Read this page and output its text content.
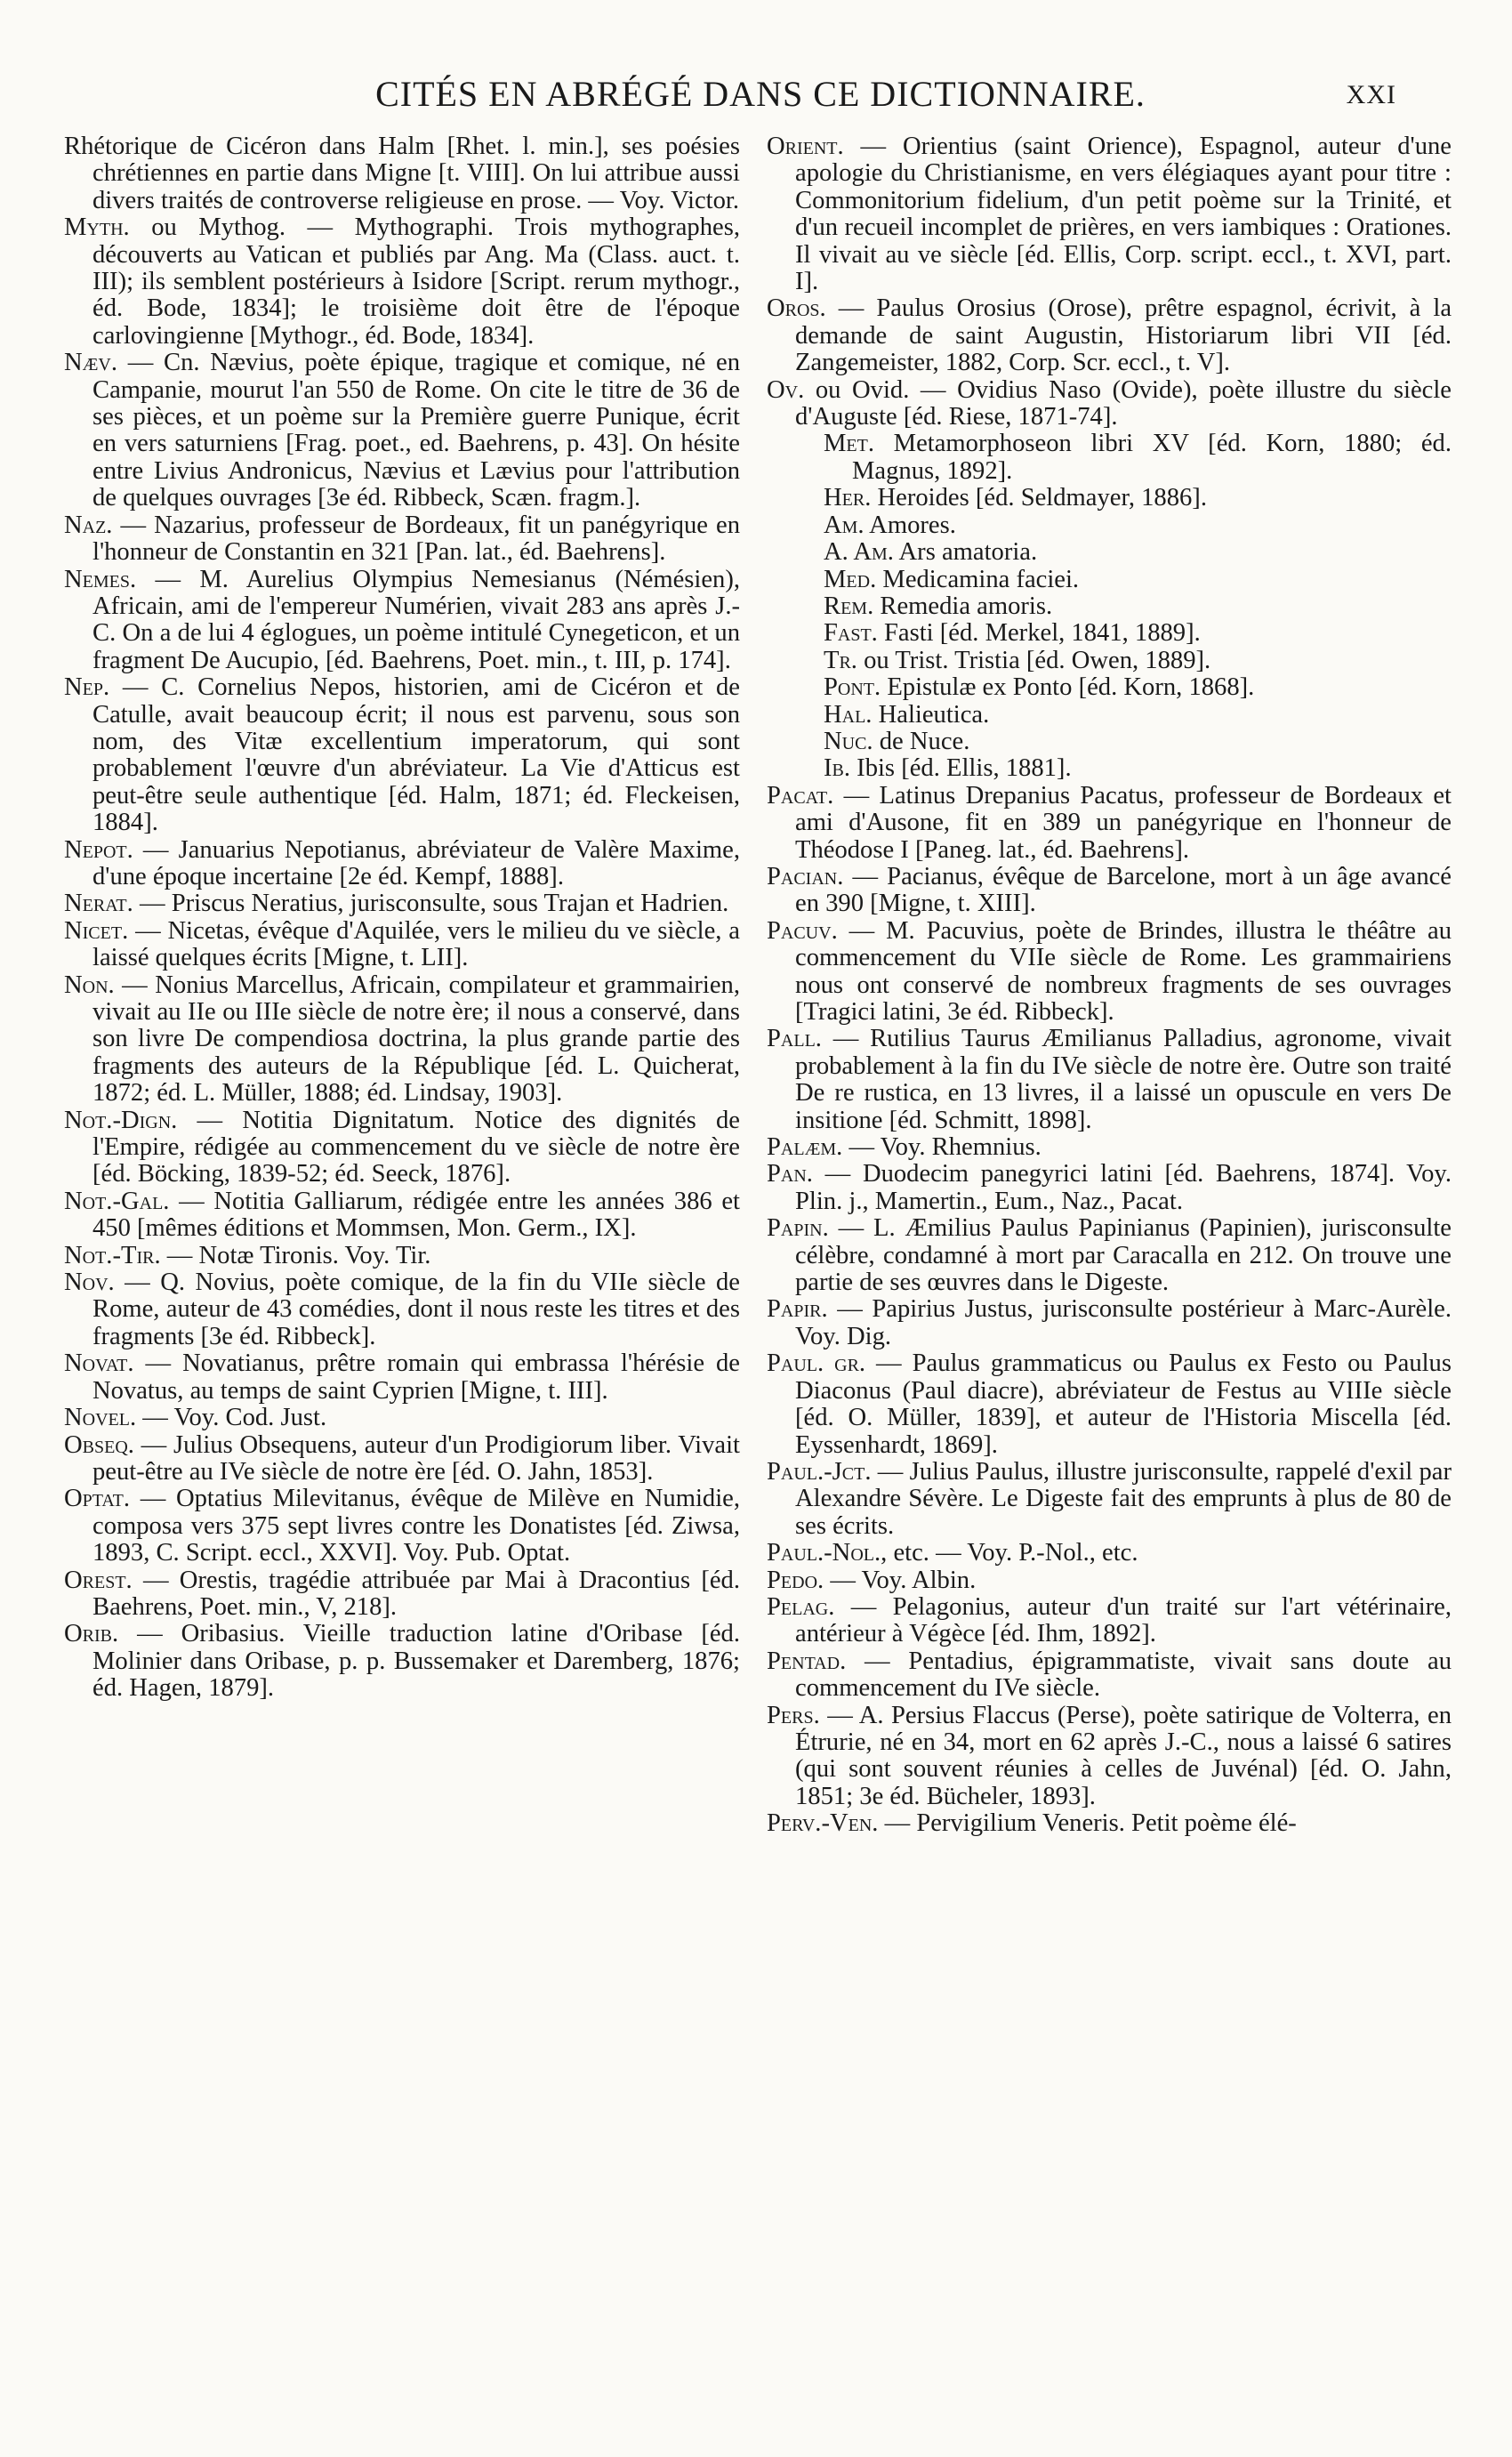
CITÉS EN ABRÉGÉ DANS CE DICTIONNAIRE.	XXI
Rhétorique de Cicéron dans Halm [Rhet. l. min.], ses poésies chrétiennes en partie dans Migne [t. VIII]. On lui attribue aussi divers traités de controverse religieuse en prose. — Voy. Victor.
Myth. ou Mythog. — Mythographi. Trois mythographes, découverts au Vatican et publiés par Ang. Ma (Class. auct. t. III); ils semblent postérieurs à Isidore [Script. rerum mythogr., éd. Bode, 1834]; le troisième doit être de l'époque carlovingienne [Mythogr., éd. Bode, 1834].
Næv. — Cn. Nævius, poète épique, tragique et comique, né en Campanie, mourut l'an 550 de Rome. On cite le titre de 36 de ses pièces, et un poème sur la Première guerre Punique, écrit en vers saturniens [Frag. poet., ed. Baehrens, p. 43]. On hésite entre Livius Andronicus, Nævius et Lævius pour l'attribution de quelques ouvrages [3e éd. Ribbeck, Scæn. fragm.].
Naz. — Nazarius, professeur de Bordeaux, fit un panégyrique en l'honneur de Constantin en 321 [Pan. lat., éd. Baehrens].
Nemes. — M. Aurelius Olympius Nemesianus (Némésien), Africain, ami de l'empereur Numérien, vivait 283 ans après J.-C. On a de lui 4 églogues, un poème intitulé Cynegeticon, et un fragment De Aucupio, [éd. Baehrens, Poet. min., t. III, p. 174].
Nep. — C. Cornelius Nepos, historien, ami de Cicéron et de Catulle, avait beaucoup écrit; il nous est parvenu, sous son nom, des Vitæ excellentium imperatorum, qui sont probablement l'œuvre d'un abréviateur. La Vie d'Atticus est peut-être seule authentique [éd. Halm, 1871; éd. Fleckeisen, 1884].
Nepot. — Januarius Nepotianus, abréviateur de Valère Maxime, d'une époque incertaine [2e éd. Kempf, 1888].
Nerat. — Priscus Neratius, jurisconsulte, sous Trajan et Hadrien.
Nicet. — Nicetas, évêque d'Aquilée, vers le milieu du ve siècle, a laissé quelques écrits [Migne, t. LII].
Non. — Nonius Marcellus, Africain, compilateur et grammairien, vivait au IIe ou IIIe siècle de notre ère; il nous a conservé, dans son livre De compendiosa doctrina, la plus grande partie des fragments des auteurs de la République [éd. L. Quicherat, 1872; éd. L. Müller, 1888; éd. Lindsay, 1903].
Not.-Dign. — Notitia Dignitatum. Notice des dignités de l'Empire, rédigée au commencement du ve siècle de notre ère [éd. Böcking, 1839-52; éd. Seeck, 1876].
Not.-Gal. — Notitia Galliarum, rédigée entre les années 386 et 450 [mêmes éditions et Mommsen, Mon. Germ., IX].
Not.-Tir. — Notæ Tironis. Voy. Tir.
Nov. — Q. Novius, poète comique, de la fin du VIIe siècle de Rome, auteur de 43 comédies, dont il nous reste les titres et des fragments [3e éd. Ribbeck].
Novat. — Novatianus, prêtre romain qui embrassa l'hérésie de Novatus, au temps de saint Cyprien [Migne, t. III].
Novel. — Voy. Cod. Just.
Obseq. — Julius Obsequens, auteur d'un Prodigiorum liber. Vivait peut-être au IVe siècle de notre ère [éd. O. Jahn, 1853].
Optat. — Optatius Milevitanus, évêque de Milève en Numidie, composa vers 375 sept livres contre les Donatistes [éd. Ziwsa, 1893, C. Script. eccl., XXVI]. Voy. Pub. Optat.
Orest. — Orestis, tragédie attribuée par Mai à Dracontius [éd. Baehrens, Poet. min., V, 218].
Orib. — Oribasius. Vieille traduction latine d'Oribase [éd. Molinier dans Oribase, p. p. Bussemaker et Daremberg, 1876; éd. Hagen, 1879].
Orient. — Orientius (saint Orience), Espagnol, auteur d'une apologie du Christianisme, en vers élégiaques ayant pour titre : Commonitorium fidelium, d'un petit poème sur la Trinité, et d'un recueil incomplet de prières, en vers iambiques : Orationes. Il vivait au ve siècle [éd. Ellis, Corp. script. eccl., t. XVI, part. I].
Oros. — Paulus Orosius (Orose), prêtre espagnol, écrivit, à la demande de saint Augustin, Historiarum libri VII [éd. Zangemeister, 1882, Corp. Scr. eccl., t. V].
Ov. ou Ovid. — Ovidius Naso (Ovide), poète illustre du siècle d'Auguste [éd. Riese, 1871-74].
Met. Metamorphoseon libri XV [éd. Korn, 1880; éd. Magnus, 1892].
Her. Heroides [éd. Seldmayer, 1886].
Am. Amores.
A. Am. Ars amatoria.
Med. Medicamina faciei.
Rem. Remedia amoris.
Fast. Fasti [éd. Merkel, 1841, 1889].
Tr. ou Trist. Tristia [éd. Owen, 1889].
Pont. Epistulæ ex Ponto [éd. Korn, 1868].
Hal. Halieutica.
Nuc. de Nuce.
Ib. Ibis [éd. Ellis, 1881].
Pacat. — Latinus Drepanius Pacatus, professeur de Bordeaux et ami d'Ausone, fit en 389 un panégyrique en l'honneur de Théodose I [Paneg. lat., éd. Baehrens].
Pacian. — Pacianus, évêque de Barcelone, mort à un âge avancé en 390 [Migne, t. XIII].
Pacuv. — M. Pacuvius, poète de Brindes, illustra le théâtre au commencement du VIIe siècle de Rome. Les grammairiens nous ont conservé de nombreux fragments de ses ouvrages [Tragici latini, 3e éd. Ribbeck].
Pall. — Rutilius Taurus Æmilianus Palladius, agronome, vivait probablement à la fin du IVe siècle de notre ère. Outre son traité De re rustica, en 13 livres, il a laissé un opuscule en vers De insitione [éd. Schmitt, 1898].
Palæm. — Voy. Rhemnius.
Pan. — Duodecim panegyrici latini [éd. Baehrens, 1874]. Voy. Plin. j., Mamertin., Eum., Naz., Pacat.
Papin. — L. Æmilius Paulus Papinianus (Papinien), jurisconsulte célèbre, condamné à mort par Caracalla en 212. On trouve une partie de ses œuvres dans le Digeste.
Papir. — Papirius Justus, jurisconsulte postérieur à Marc-Aurèle. Voy. Dig.
Paul. gr. — Paulus grammaticus ou Paulus ex Festo ou Paulus Diaconus (Paul diacre), abréviateur de Festus au VIIIe siècle [éd. O. Müller, 1839], et auteur de l'Historia Miscella [éd. Eyssenhardt, 1869].
Paul.-Jct. — Julius Paulus, illustre jurisconsulte, rappelé d'exil par Alexandre Sévère. Le Digeste fait des emprunts à plus de 80 de ses écrits.
Paul.-Nol., etc. — Voy. P.-Nol., etc.
Pedo. — Voy. Albin.
Pelag. — Pelagonius, auteur d'un traité sur l'art vétérinaire, antérieur à Végèce [éd. Ihm, 1892].
Pentad. — Pentadius, épigrammatiste, vivait sans doute au commencement du IVe siècle.
Pers. — A. Persius Flaccus (Perse), poète satirique de Volterra, en Étrurie, né en 34, mort en 62 après J.-C., nous a laissé 6 satires (qui sont souvent réunies à celles de Juvénal) [éd. O. Jahn, 1851; 3e éd. Bücheler, 1893].
Perv.-Ven. — Pervigilium Veneris. Petit poème élé-
